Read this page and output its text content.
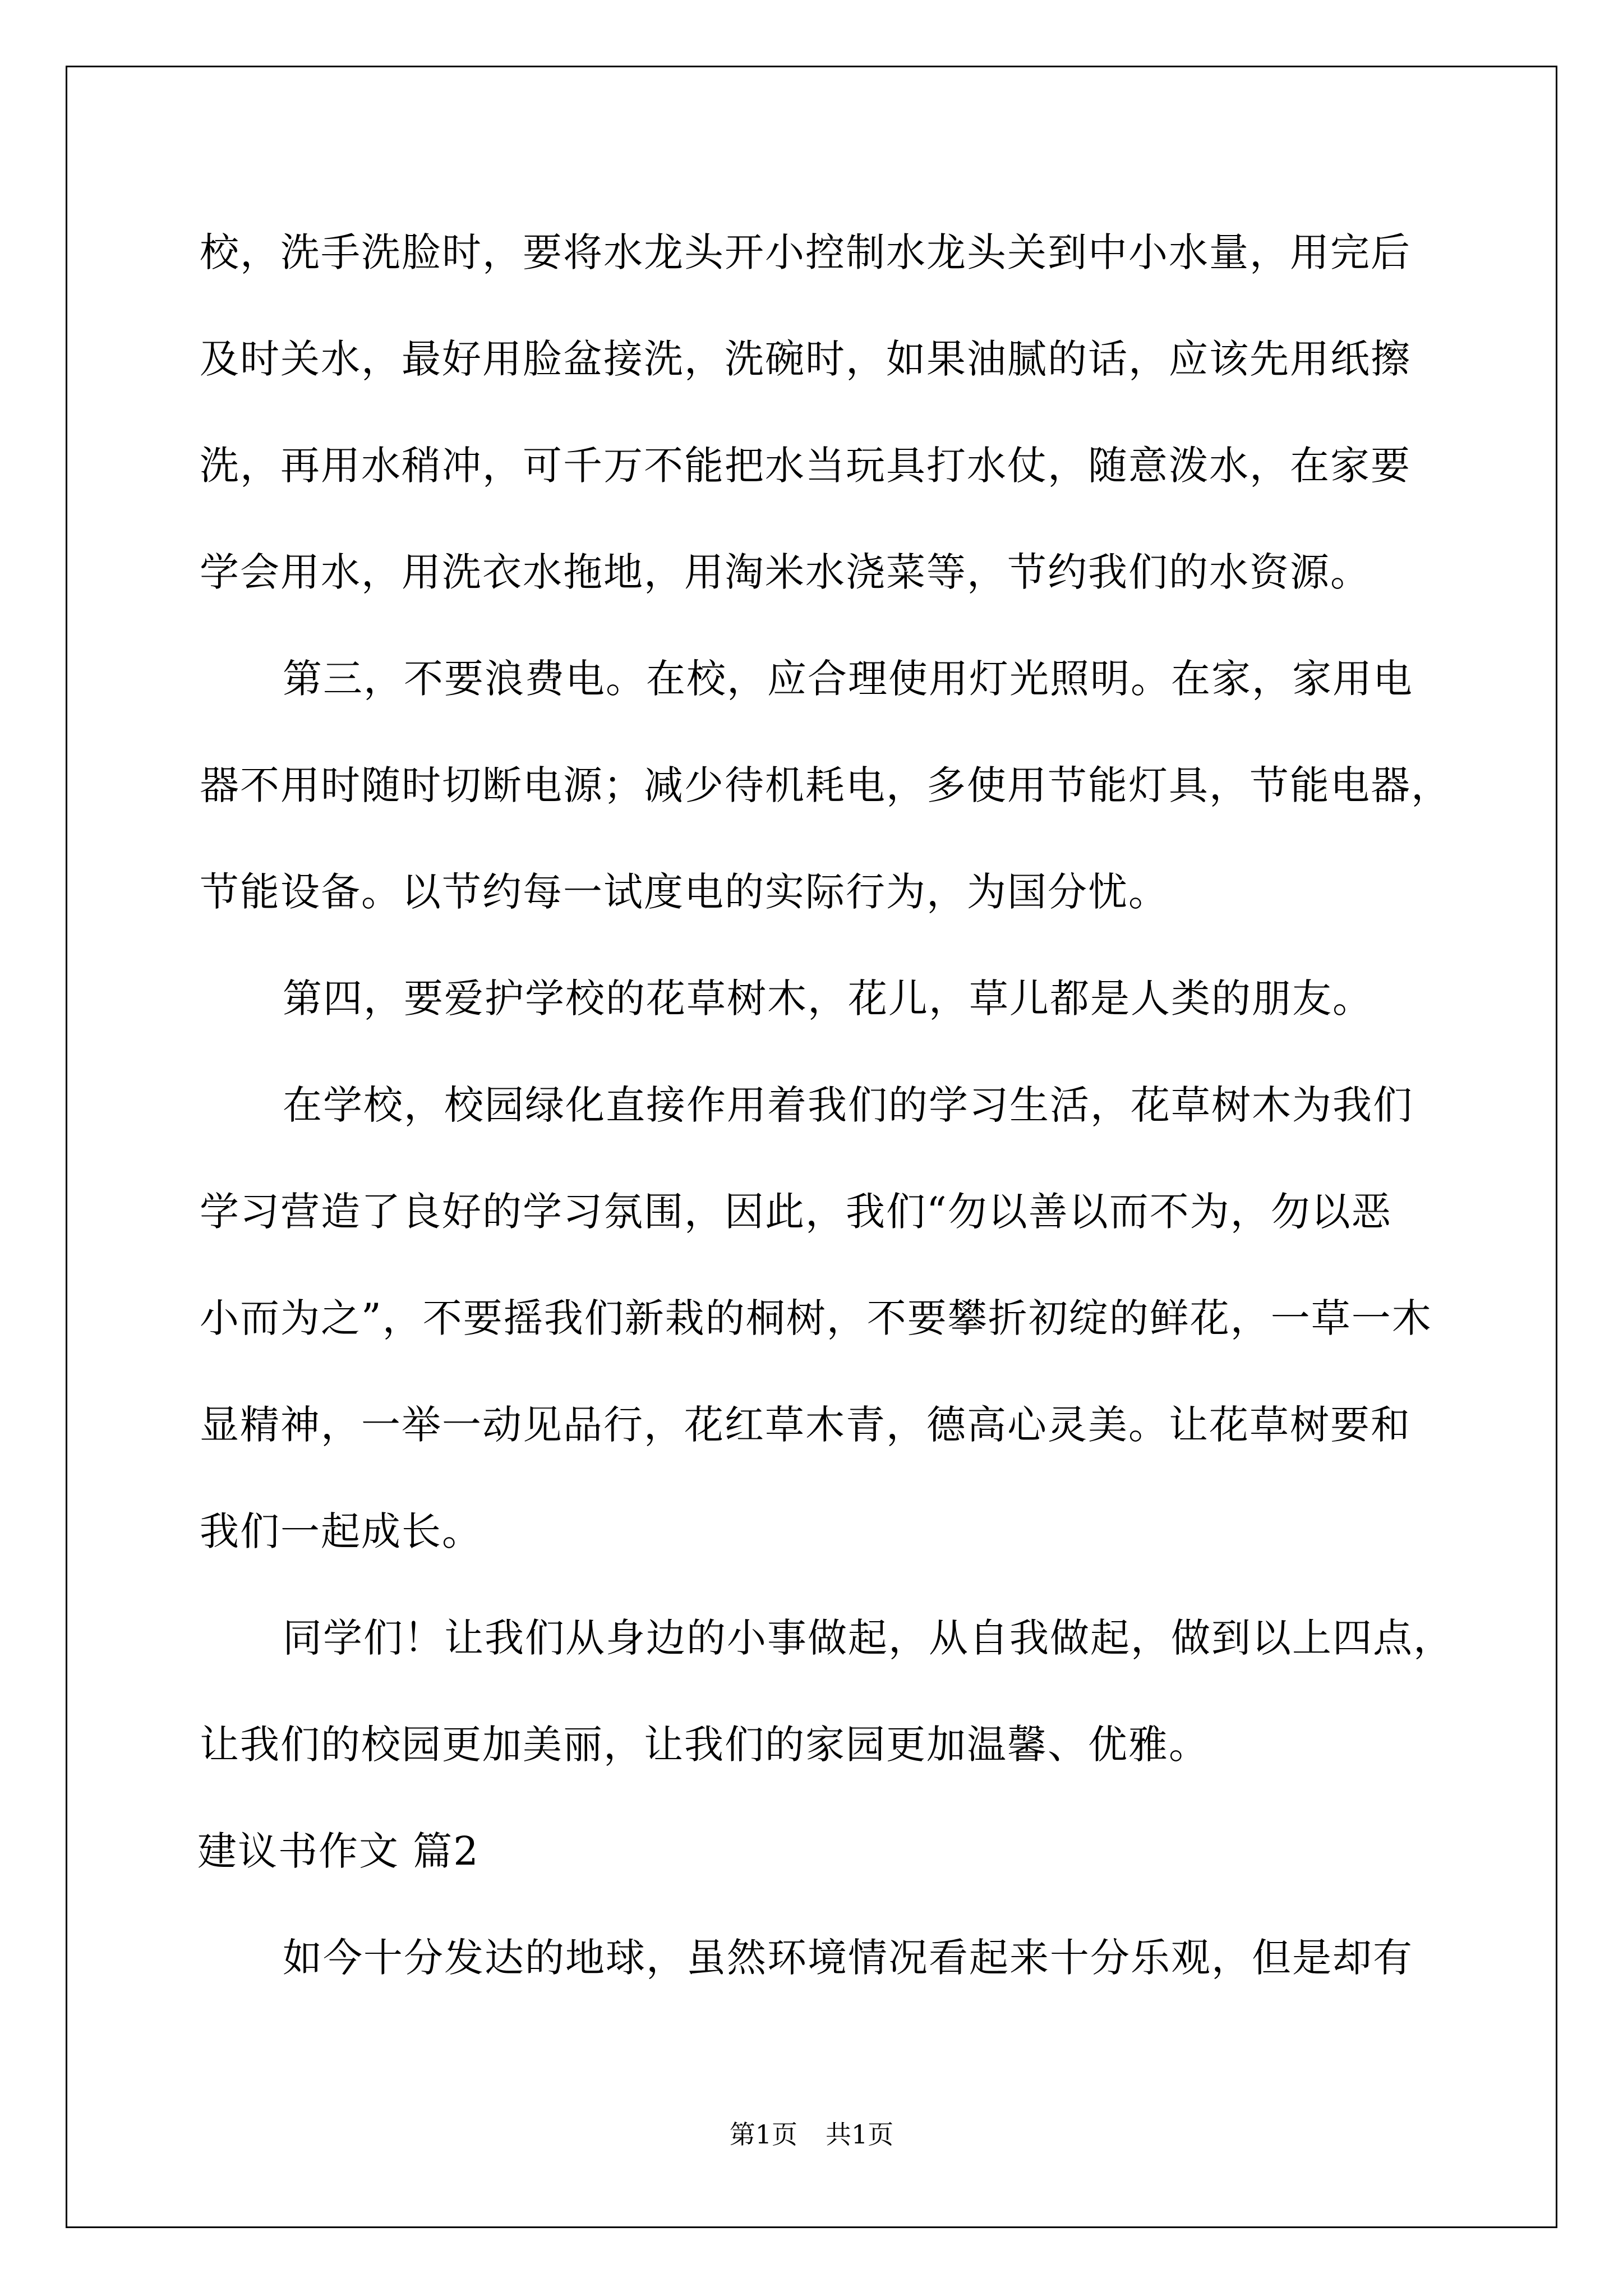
校，洗手洗脸时，要将水龙头开小控制水龙头关到中小水量，用完后
及时关水，最好用脸盆接洗，洗碗时，如果油腻的话，应该先用纸擦
洗，再用水稍冲，可千万不能把水当玩具打水仗，随意泼水，在家要
学会用水，用洗衣水拖地，用淘米水浇菜等，节约我们的水资源。
第三，不要浪费电。在校，应合理使用灯光照明。在家，家用电
器不用时随时切断电源；减少待机耗电，多使用节能灯具，节能电器，
节能设备。以节约每一试度电的实际行为，为国分忧。
第四，要爱护学校的花草树木，花儿，草儿都是人类的朋友。
在学校，校园绿化直接作用着我们的学习生活，花草树木为我们
学习营造了良好的学习氛围，因此，我们“勿以善以而不为，勿以恶
小而为之”，不要摇我们新栽的桐树，不要攀折初绽的鲜花，一草一木
显精神，一举一动见品行，花红草木青，德高心灵美。让花草树要和
我们一起成长。
同学们！让我们从身边的小事做起，从自我做起，做到以上四点，
让我们的校园更加美丽，让我们的家园更加温馨、优雅。
建议书作文 篇2
如今十分发达的地球，虽然环境情况看起来十分乐观，但是却有
第1页 共1页
